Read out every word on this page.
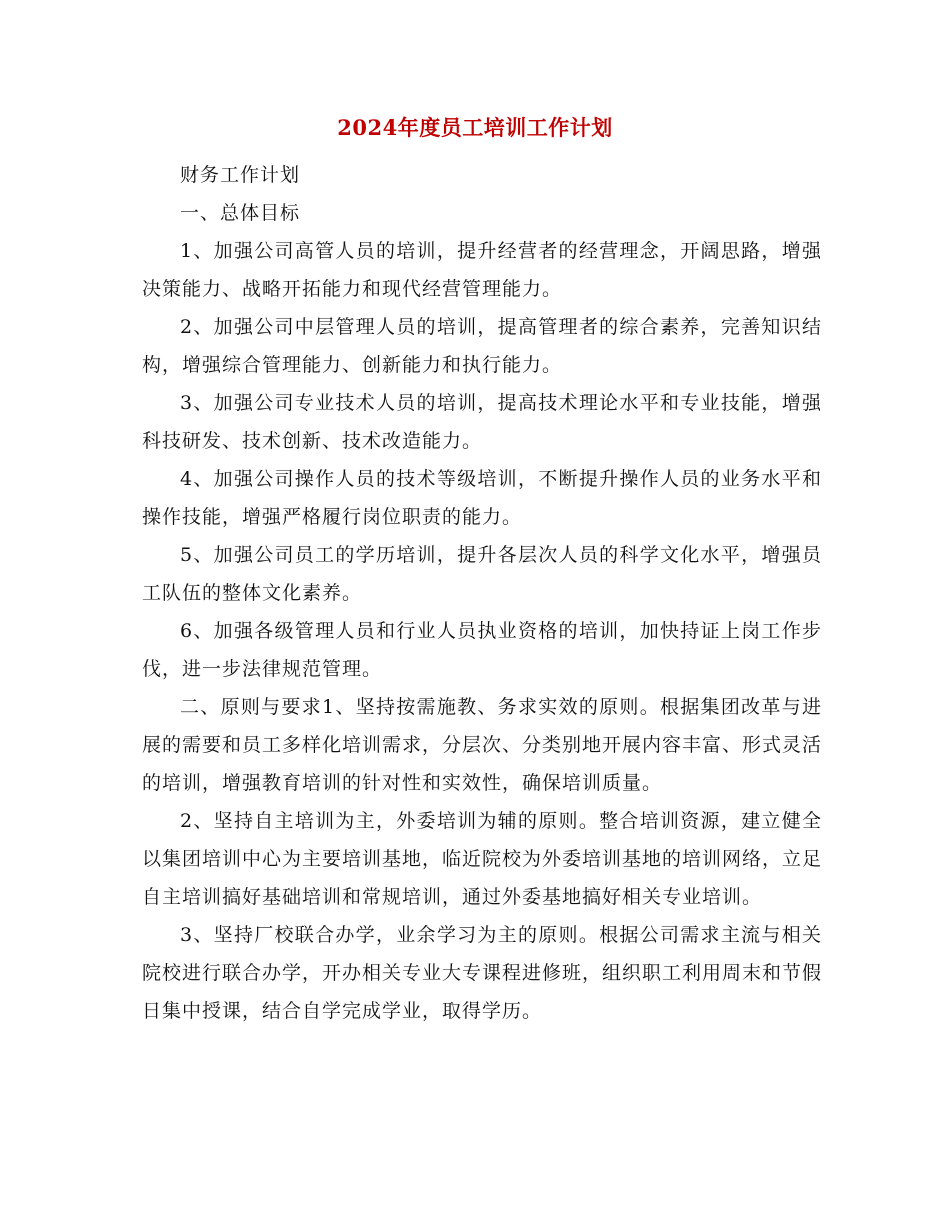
2024年度员工培训工作计划

财务工作计划

一、总体目标

1、加强公司高管人员的培训，提升经营者的经营理念，开阔思路，增强决策能力、战略开拓能力和现代经营管理能力。

2、加强公司中层管理人员的培训，提高管理者的综合素养，完善知识结构，增强综合管理能力、创新能力和执行能力。

3、加强公司专业技术人员的培训，提高技术理论水平和专业技能，增强科技研发、技术创新、技术改造能力。

4、加强公司操作人员的技术等级培训，不断提升操作人员的业务水平和操作技能，增强严格履行岗位职责的能力。

5、加强公司员工的学历培训，提升各层次人员的科学文化水平，增强员工队伍的整体文化素养。

6、加强各级管理人员和行业人员执业资格的培训，加快持证上岗工作步伐，进一步法律规范管理。

二、原则与要求1、坚持按需施教、务求实效的原则。根据集团改革与进展的需要和员工多样化培训需求，分层次、分类别地开展内容丰富、形式灵活的培训，增强教育培训的针对性和实效性，确保培训质量。

2、坚持自主培训为主，外委培训为辅的原则。整合培训资源，建立健全以集团培训中心为主要培训基地，临近院校为外委培训基地的培训网络，立足自主培训搞好基础培训和常规培训，通过外委基地搞好相关专业培训。

3、坚持厂校联合办学，业余学习为主的原则。根据公司需求主流与相关院校进行联合办学，开办相关专业大专课程进修班，组织职工利用周末和节假日集中授课，结合自学完成学业，取得学历。
